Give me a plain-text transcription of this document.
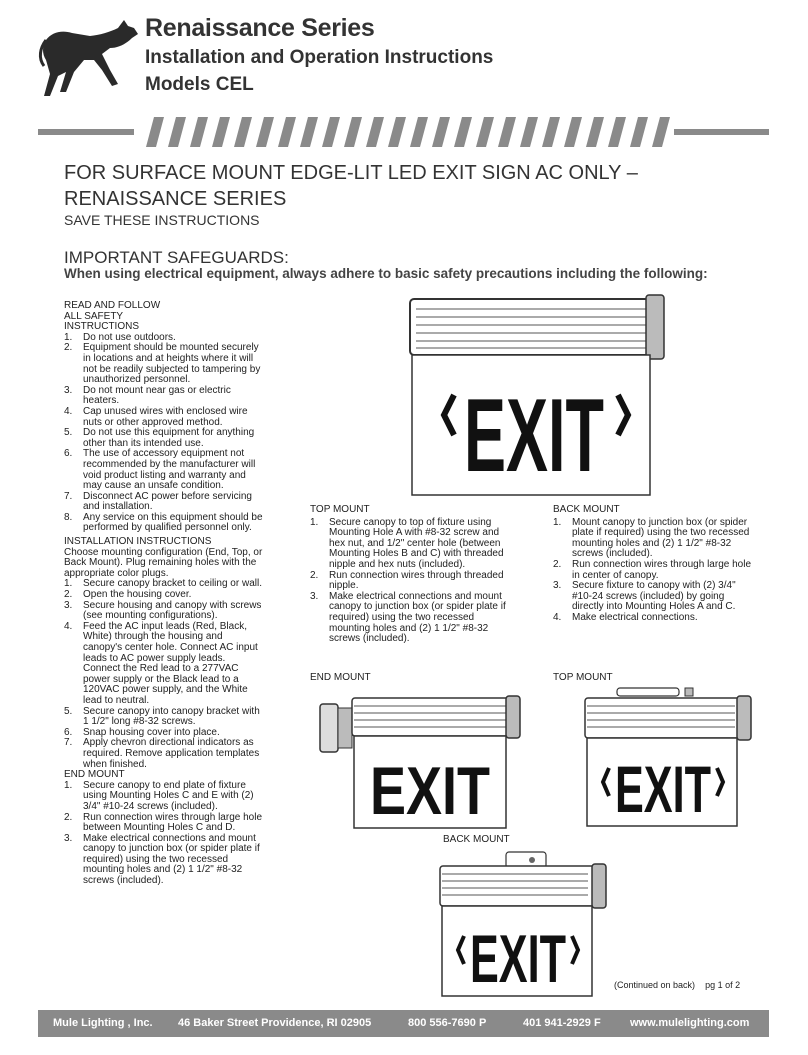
Renaissance Series
Installation and Operation Instructions
Models CEL
FOR SURFACE MOUNT EDGE-LIT LED EXIT SIGN AC ONLY – RENAISSANCE SERIES
SAVE THESE INSTRUCTIONS
IMPORTANT SAFEGUARDS:
When using electrical equipment, always adhere to basic safety precautions including the following:

READ AND FOLLOW ALL SAFETY INSTRUCTIONS

1. Do not use outdoors.
2. Equipment should be mounted securely in locations and at heights where it will not be readily subjected to tampering by unauthorized personnel.
3. Do not mount near gas or electric heaters.
4. Cap unused wires with enclosed wire nuts or other approved method.
5. Do not use this equipment for anything other than its intended use.
6. The use of accessory equipment not recommended by the manufacturer will void product listing and warranty and may cause an unsafe condition.
7. Disconnect AC power before servicing and installation.
8. Any service on this equipment should be performed by qualified personnel only.

INSTALLATION INSTRUCTIONS

Choose mounting configuration (End, Top, or Back Mount). Plug remaining holes with the appropriate color plugs.

1. Secure canopy bracket to ceiling or wall.
2. Open the housing cover.
3. Secure housing and canopy with screws (see mounting configurations).
4. Feed the AC input leads (Red, Black, White) through the housing and canopy's center hole. Connect AC input leads to AC power supply leads. Connect the Red lead to a 277VAC power supply or the Black lead to a 120VAC power supply, and the White lead to neutral.
5. Secure canopy into canopy bracket with 1 1/2" long #8-32 screws.
6. Snap housing cover into place.
7. Apply chevron directional indicators as required. Remove application templates when finished.

END MOUNT

1. Secure canopy to end plate of fixture using Mounting Holes C and E with (2) 3/4" #10-24 screws (included).
2. Run connection wires through large hole between Mounting Holes C and D.
3. Make electrical connections and mount canopy to junction box (or spider plate if required) using the two recessed mounting holes and (2) 1 1/2" #8-32 screws (included).

TOP MOUNT

1. Secure canopy to top of fixture using Mounting Hole A with #8-32 screw and hex nut, and 1/2" center hole (between Mounting Holes B and C) with threaded nipple and hex nuts (included).
2. Run connection wires through threaded nipple.
3. Make electrical connections and mount canopy to junction box (or spider plate if required) using the two recessed mounting holes and (2) 1 1/2" #8-32 screws (included).

BACK MOUNT

1. Mount canopy to junction box (or spider plate if required) using the two recessed mounting holes and (2) 1 1/2" #8-32 screws (included).
2. Run connection wires through large hole in center of canopy.
3. Secure fixture to canopy with (2) 3/4" #10-24 screws (included) by going directly into Mounting Holes A and C.
4. Make electrical connections.
EXIT
END MOUNT
EXIT
TOP MOUNT
EXIT
BACK MOUNT
EXIT	(Continued on back) pg 1 of 2
Mule Lighting , Inc. 46 Baker Street Providence, RI 02905	800 556-7690 P	401 941-2929 F	www.mulelighting.com
